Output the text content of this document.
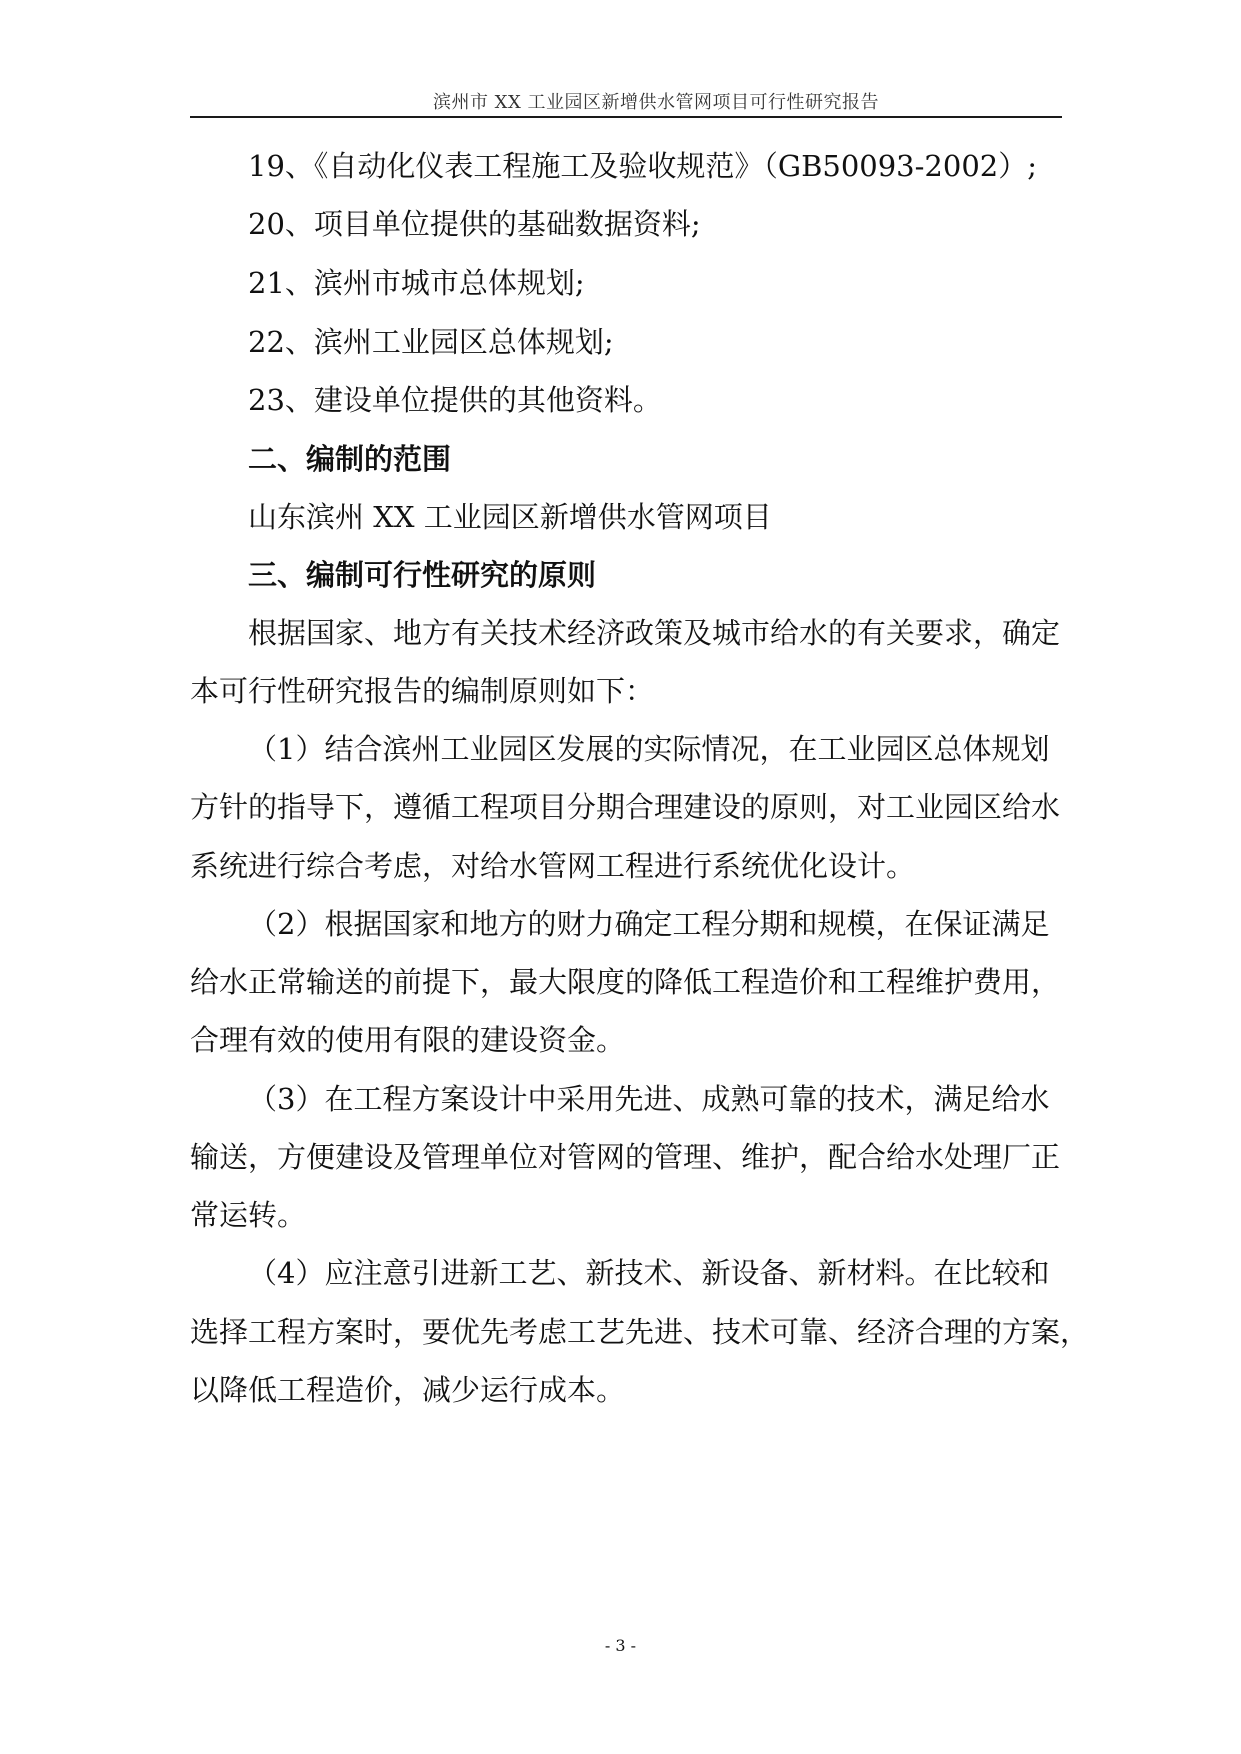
滨州市 XX 工业园区新增供水管网项目可行性研究报告
19、《自动化仪表工程施工及验收规范》（GB50093-2002）;
20、项目单位提供的基础数据资料;
21、滨州市城市总体规划;
22、滨州工业园区总体规划;
23、建设单位提供的其他资料。
二、编制的范围
山东滨州 XX 工业园区新增供水管网项目
三、编制可行性研究的原则
根据国家、地方有关技术经济政策及城市给水的有关要求，确定
本可行性研究报告的编制原则如下：
（1）结合滨州工业园区发展的实际情况，在工业园区总体规划
方针的指导下，遵循工程项目分期合理建设的原则，对工业园区给水
系统进行综合考虑，对给水管网工程进行系统优化设计。
（2）根据国家和地方的财力确定工程分期和规模，在保证满足
给水正常输送的前提下，最大限度的降低工程造价和工程维护费用，
合理有效的使用有限的建设资金。
（3）在工程方案设计中采用先进、成熟可靠的技术，满足给水
输送，方便建设及管理单位对管网的管理、维护，配合给水处理厂正
常运转。
（4）应注意引进新工艺、新技术、新设备、新材料。在比较和
选择工程方案时，要优先考虑工艺先进、技术可靠、经济合理的方案，
以降低工程造价，减少运行成本。
- 3 -
